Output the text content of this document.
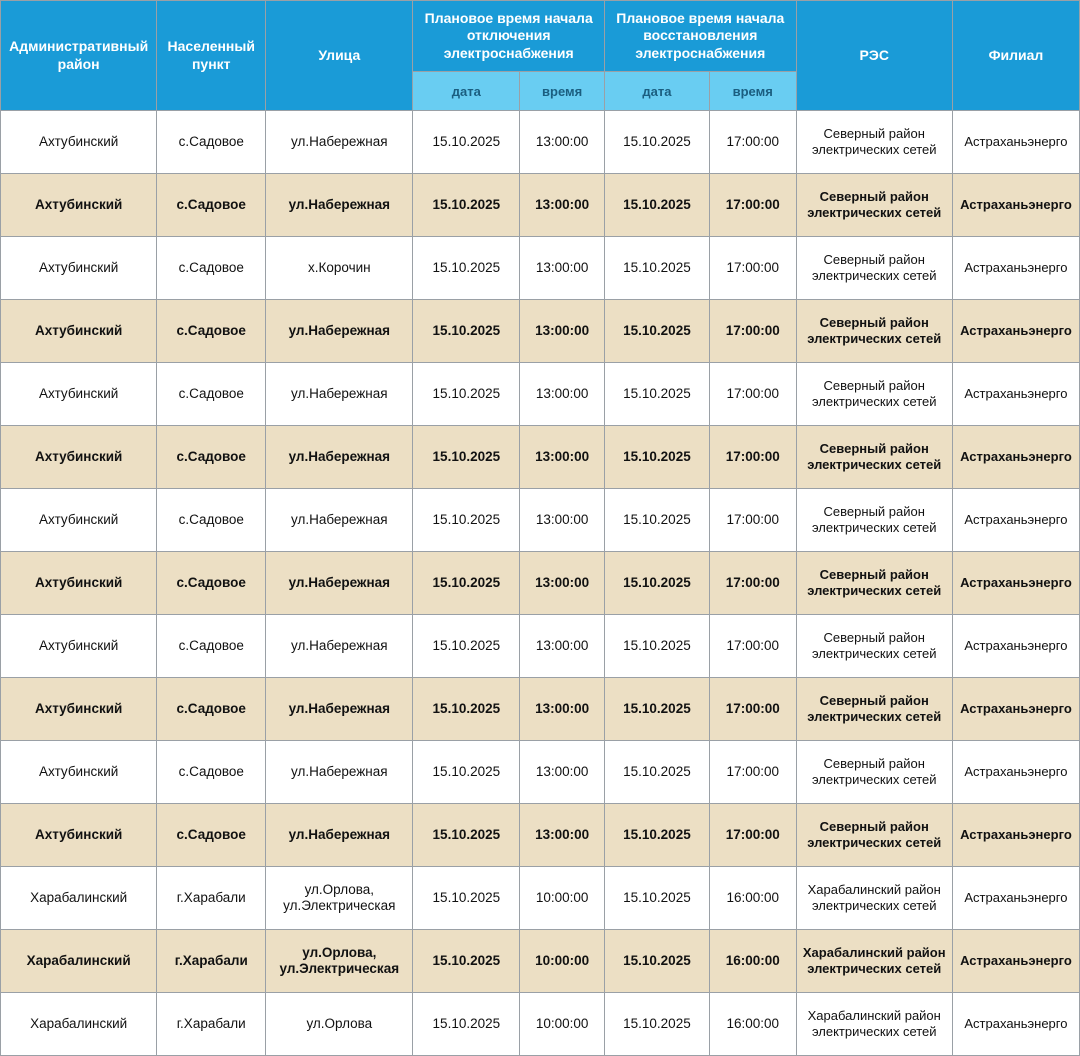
Административный район	Населенный пункт	Улица	Плановое время начала отключения электроснабжения		Плановое время начала восстановления электроснабжения		РЭС	Филиал
			дата	время	дата	время		
Ахтубинский	с.Садовое	ул.Набережная	15.10.2025	13:00:00	15.10.2025	17:00:00	Северный район электрических сетей	Астраханьэнерго
Ахтубинский	с.Садовое	ул.Набережная	15.10.2025	13:00:00	15.10.2025	17:00:00	Северный район электрических сетей	Астраханьэнерго
Ахтубинский	с.Садовое	х.Корочин	15.10.2025	13:00:00	15.10.2025	17:00:00	Северный район электрических сетей	Астраханьэнерго
Ахтубинский	с.Садовое	ул.Набережная	15.10.2025	13:00:00	15.10.2025	17:00:00	Северный район электрических сетей	Астраханьэнерго
Ахтубинский	с.Садовое	ул.Набережная	15.10.2025	13:00:00	15.10.2025	17:00:00	Северный район электрических сетей	Астраханьэнерго
Ахтубинский	с.Садовое	ул.Набережная	15.10.2025	13:00:00	15.10.2025	17:00:00	Северный район электрических сетей	Астраханьэнерго
Ахтубинский	с.Садовое	ул.Набережная	15.10.2025	13:00:00	15.10.2025	17:00:00	Северный район электрических сетей	Астраханьэнерго
Ахтубинский	с.Садовое	ул.Набережная	15.10.2025	13:00:00	15.10.2025	17:00:00	Северный район электрических сетей	Астраханьэнерго
Ахтубинский	с.Садовое	ул.Набережная	15.10.2025	13:00:00	15.10.2025	17:00:00	Северный район электрических сетей	Астраханьэнерго
Ахтубинский	с.Садовое	ул.Набережная	15.10.2025	13:00:00	15.10.2025	17:00:00	Северный район электрических сетей	Астраханьэнерго
Ахтубинский	с.Садовое	ул.Набережная	15.10.2025	13:00:00	15.10.2025	17:00:00	Северный район электрических сетей	Астраханьэнерго
Ахтубинский	с.Садовое	ул.Набережная	15.10.2025	13:00:00	15.10.2025	17:00:00	Северный район электрических сетей	Астраханьэнерго
Харабалинский	г.Харабали	ул.Орлова, ул.Электрическая	15.10.2025	10:00:00	15.10.2025	16:00:00	Харабалинский район электрических сетей	Астраханьэнерго
Харабалинский	г.Харабали	ул.Орлова, ул.Электрическая	15.10.2025	10:00:00	15.10.2025	16:00:00	Харабалинский район электрических сетей	Астраханьэнерго
Харабалинский	г.Харабали	ул.Орлова	15.10.2025	10:00:00	15.10.2025	16:00:00	Харабалинский район электрических сетей	Астраханьэнерго
